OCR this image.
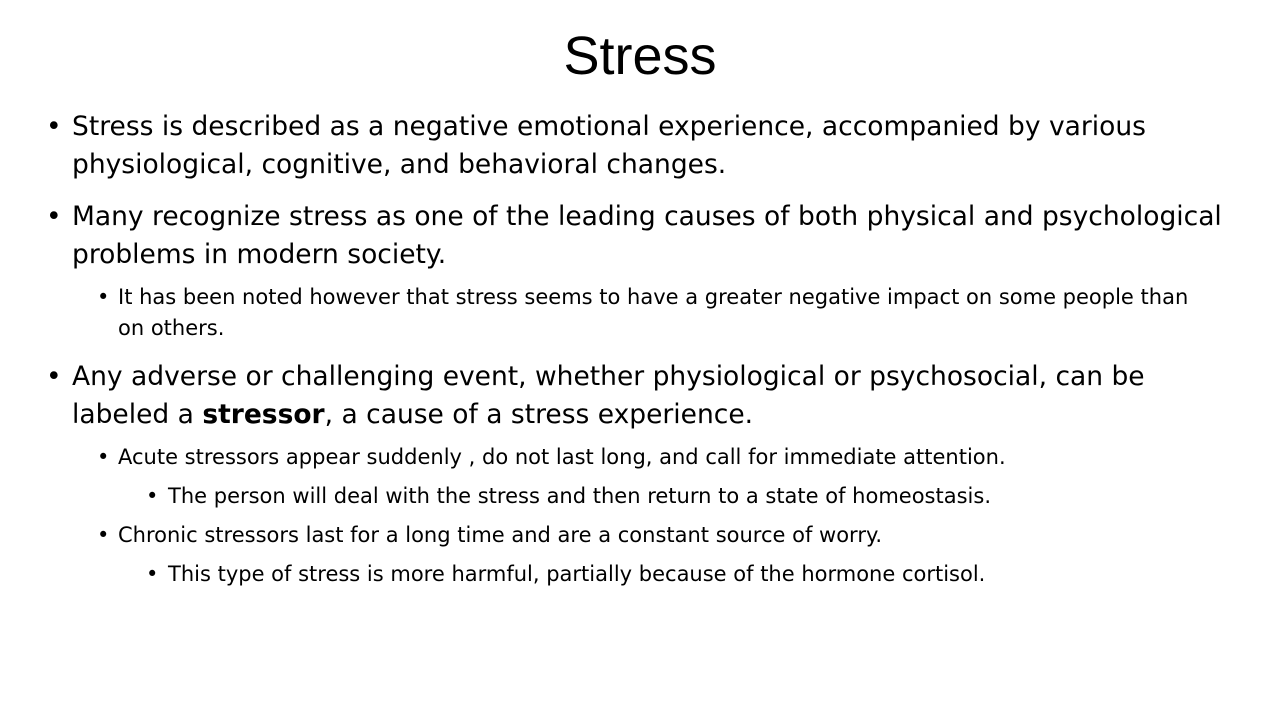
Stress

• Stress is described as a negative emotional experience, accompanied by various physiological, cognitive, and behavioral changes.

• Many recognize stress as one of the leading causes of both physical and psychological problems in modern society.

• It has been noted however that stress seems to have a greater negative impact on some people than on others.

• Any adverse or challenging event, whether physiological or psychosocial, can be labeled a stressor, a cause of a stress experience.

• Acute stressors appear suddenly , do not last long, and call for immediate attention.

• The person will deal with the stress and then return to a state of homeostasis.

• Chronic stressors last for a long time and are a constant source of worry.

• This type of stress is more harmful, partially because of the hormone cortisol.
